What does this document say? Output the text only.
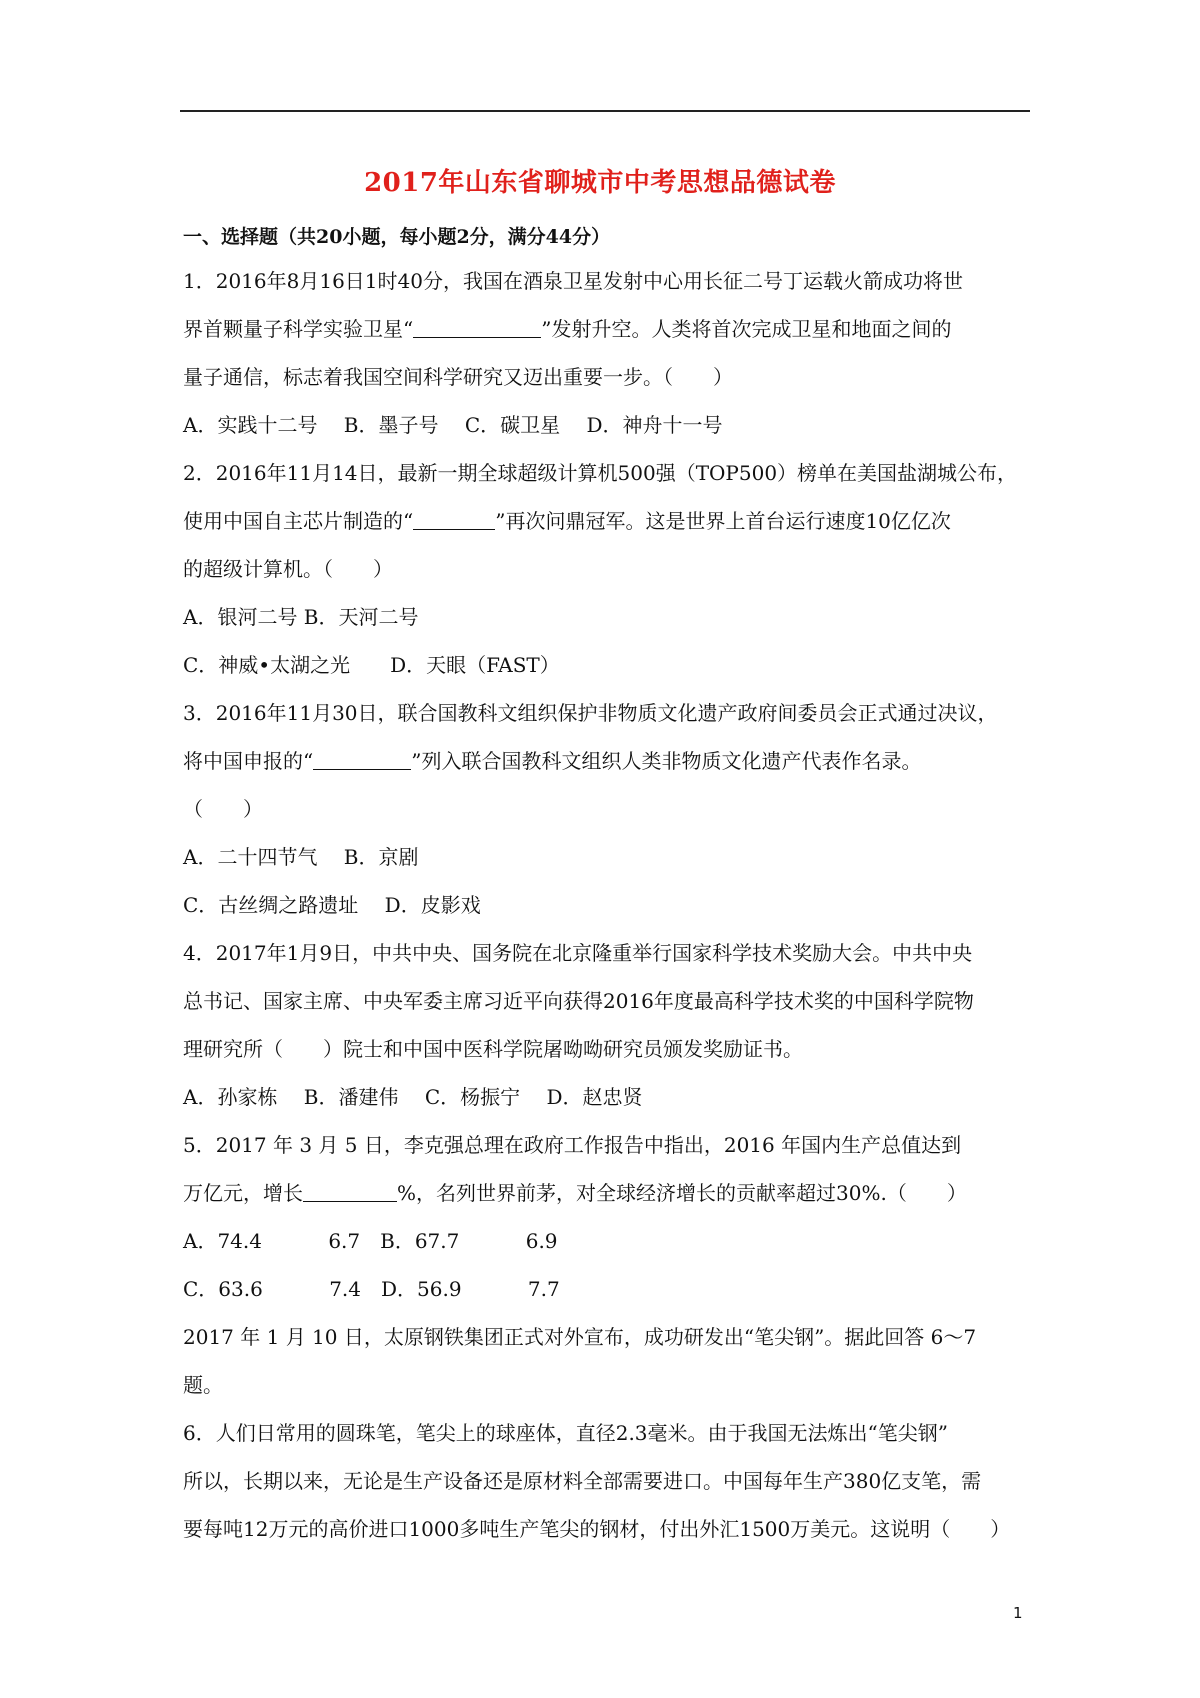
2017年山东省聊城市中考思想品德试卷
一、选择题（共20小题，每小题2分，满分44分）
1．2016年8月16日1时40分，我国在酒泉卫星发射中心用长征二号丁运载火箭成功将世
界首颗量子科学实验卫星“	”发射升空。人类将首次完成卫星和地面之间的
量子通信，标志着我国空间科学研究又迈出重要一步。（　　）
A．实践十二号　 B．墨子号　 C．碳卫星　 D．神舟十一号
2．2016年11月14日，最新一期全球超级计算机500强（TOP500）榜单在美国盐湖城公布，
使用中国自主芯片制造的“	”再次问鼎冠军。这是世界上首台运行速度10亿亿次
的超级计算机。（　　）
A．银河二号 B．天河二号
C．神威•太湖之光　　D．天眼（FAST）
3．2016年11月30日，联合国教科文组织保护非物质文化遗产政府间委员会正式通过决议，
将中国申报的“	”列入联合国教科文组织人类非物质文化遗产代表作名录。
（　　）
A．二十四节气　 B．京剧
C．古丝绸之路遗址　 D．皮影戏
4．2017年1月9日，中共中央、国务院在北京隆重举行国家科学技术奖励大会。中共中央
总书记、国家主席、中央军委主席习近平向获得2016年度最高科学技术奖的中国科学院物
理研究所（　　）院士和中国中医科学院屠呦呦研究员颁发奖励证书。
A．孙家栋　 B．潘建伟　 C．杨振宁　 D．赵忠贤
5．2017 年 3 月 5 日，李克强总理在政府工作报告中指出，2016 年国内生产总值达到
万亿元，增长	%，名列世界前茅，对全球经济增长的贡献率超过30%.（　　）
A．74.4　　　 6.7　B．67.7　　　 6.9
C．63.6　　　 7.4　D．56.9　　　 7.7
2017 年 1 月 10 日，太原钢铁集团正式对外宣布，成功研发出“笔尖钢”。据此回答 6～7
题。
6．人们日常用的圆珠笔，笔尖上的球座体，直径2.3毫米。由于我国无法炼出“笔尖钢”
所以，长期以来，无论是生产设备还是原材料全部需要进口。中国每年生产380亿支笔，需
要每吨12万元的高价进口1000多吨生产笔尖的钢材，付出外汇1500万美元。这说明（　　）
1
